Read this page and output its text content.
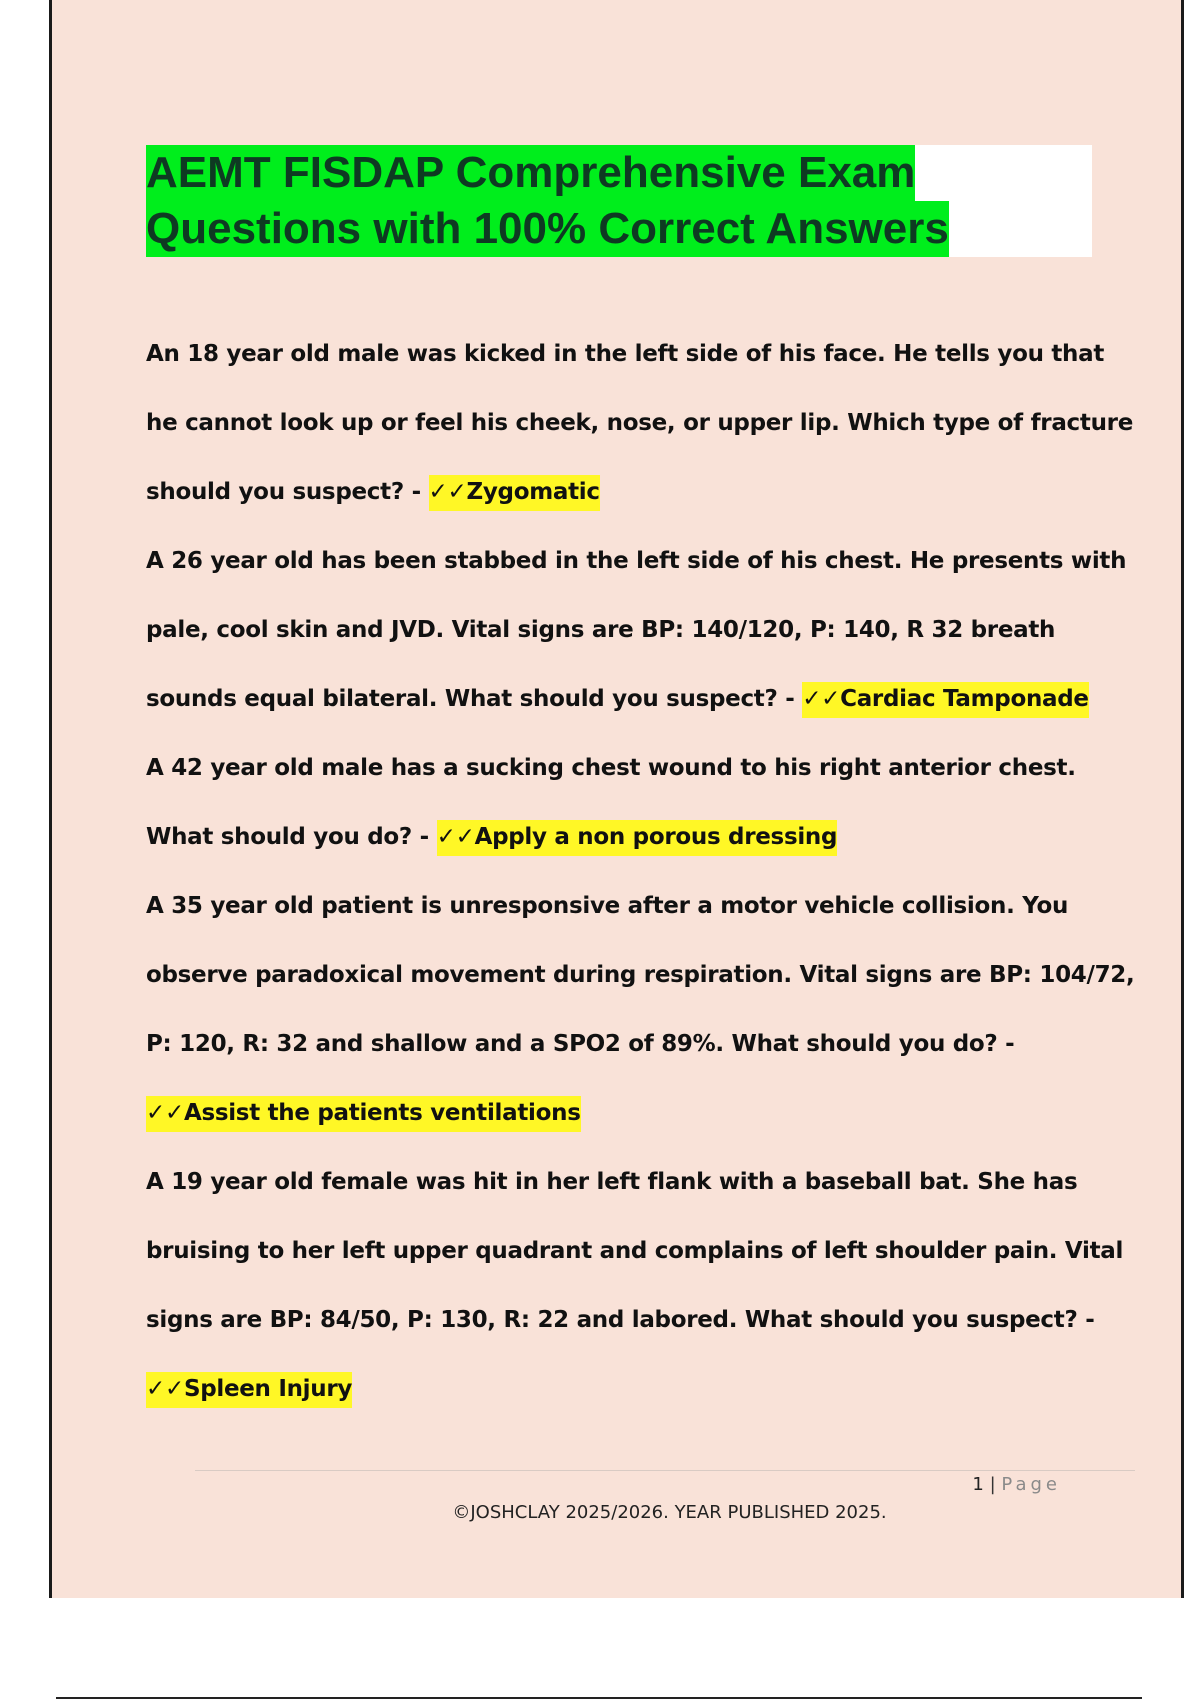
AEMT FISDAP Comprehensive Exam
Questions with 100% Correct Answers

An 18 year old male was kicked in the left side of his face. He tells you that he cannot look up or feel his cheek, nose, or upper lip. Which type of fracture should you suspect? - ✓✓Zygomatic

A 26 year old has been stabbed in the left side of his chest. He presents with pale, cool skin and JVD. Vital signs are BP: 140/120, P: 140, R 32 breath sounds equal bilateral. What should you suspect? - ✓✓Cardiac Tamponade

A 42 year old male has a sucking chest wound to his right anterior chest. What should you do? - ✓✓Apply a non porous dressing

A 35 year old patient is unresponsive after a motor vehicle collision. You observe paradoxical movement during respiration. Vital signs are BP: 104/72, P: 120, R: 32 and shallow and a SPO2 of 89%. What should you do? - ✓✓Assist the patients ventilations

A 19 year old female was hit in her left flank with a baseball bat. She has bruising to her left upper quadrant and complains of left shoulder pain. Vital signs are BP: 84/50, P: 130, R: 22 and labored. What should you suspect? - ✓✓Spleen Injury

1 | Page
©JOSHCLAY 2025/2026. YEAR PUBLISHED 2025.
